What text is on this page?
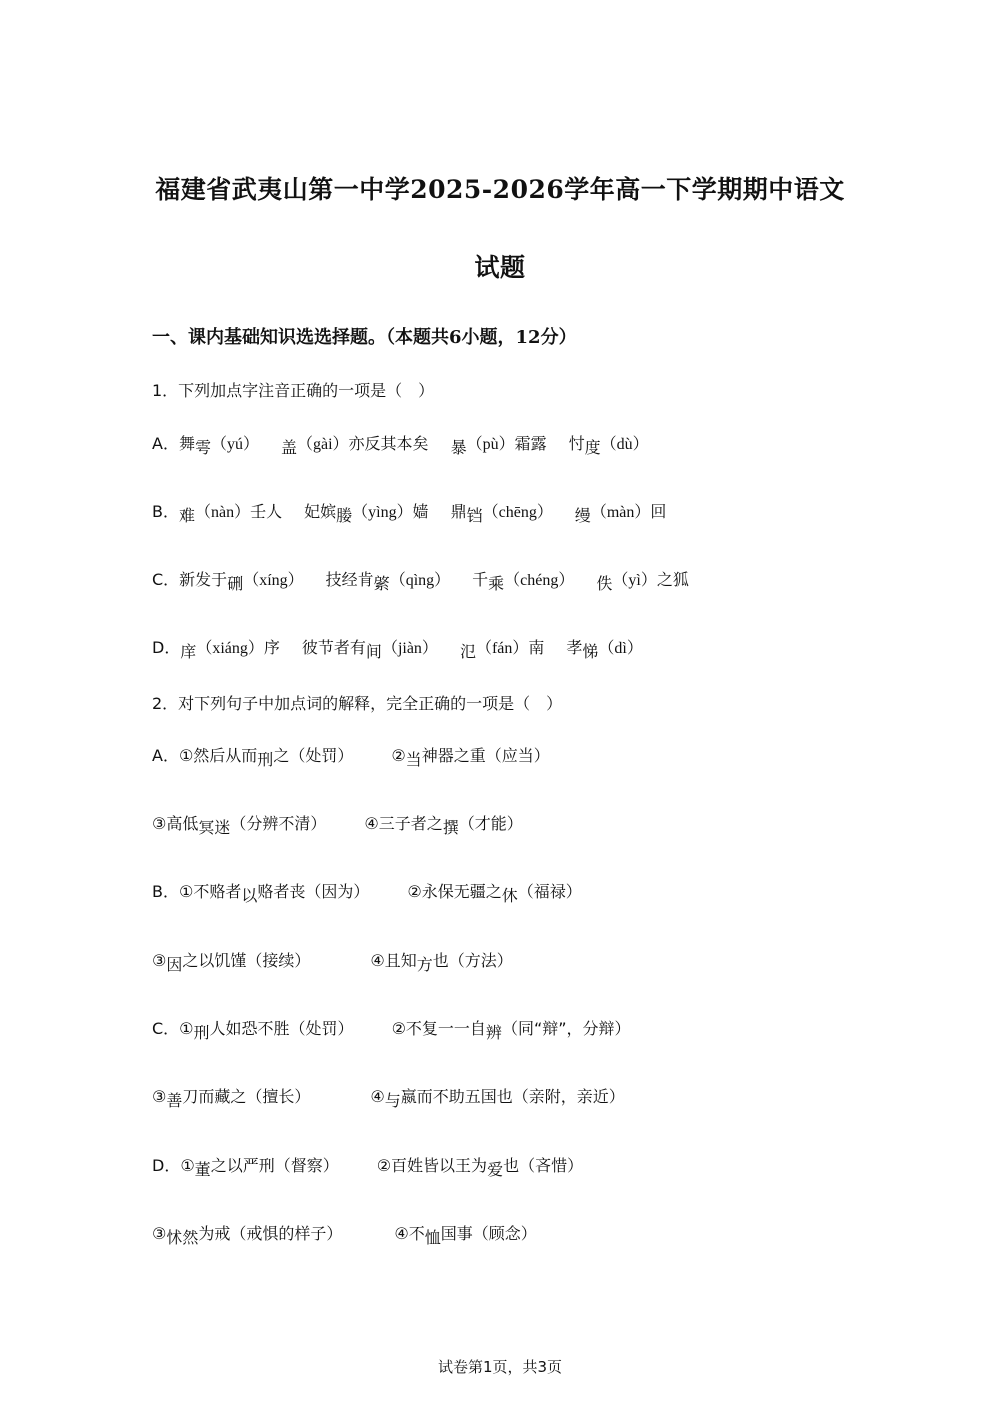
福建省武夷山第一中学2025-2026学年高一下学期期中语文
试题
一、课内基础知识选选择题。（本题共6小题，12分）
1．下列加点字注音正确的一项是（　）
A．舞雩（yú） 盖（gài）亦反其本矣 暴（pù）霜露 忖度（dù）
B．难（nàn）壬人 妃嫔媵（yìng）嫱 鼎铛（chēng） 缦（màn）回
C．新发于硎（xíng） 技经肯綮（qìng） 千乘（chéng） 佚（yì）之狐
D．庠（xiáng）序 彼节者有间（jiàn） 氾（fán）南 孝悌（dì）
2．对下列句子中加点词的解释，完全正确的一项是（　）
A．①然后从而刑之（处罚） ②当神器之重（应当）
③高低冥迷（分辨不清） ④三子者之撰（才能）
B．①不赂者以赂者丧（因为） ②永保无疆之休（福禄）
③因之以饥馑（接续）	④且知方也（方法）
C．①刑人如恐不胜（处罚） ②不复一一自辨（同“辩”，分辩）
③善刀而藏之（擅长）	④与嬴而不助五国也（亲附，亲近）
D．①董之以严刑（督察） ②百姓皆以王为爱也（吝惜）
③怵然为戒（戒惧的样子）	④不恤国事（顾念）
试卷第1页，共3页
